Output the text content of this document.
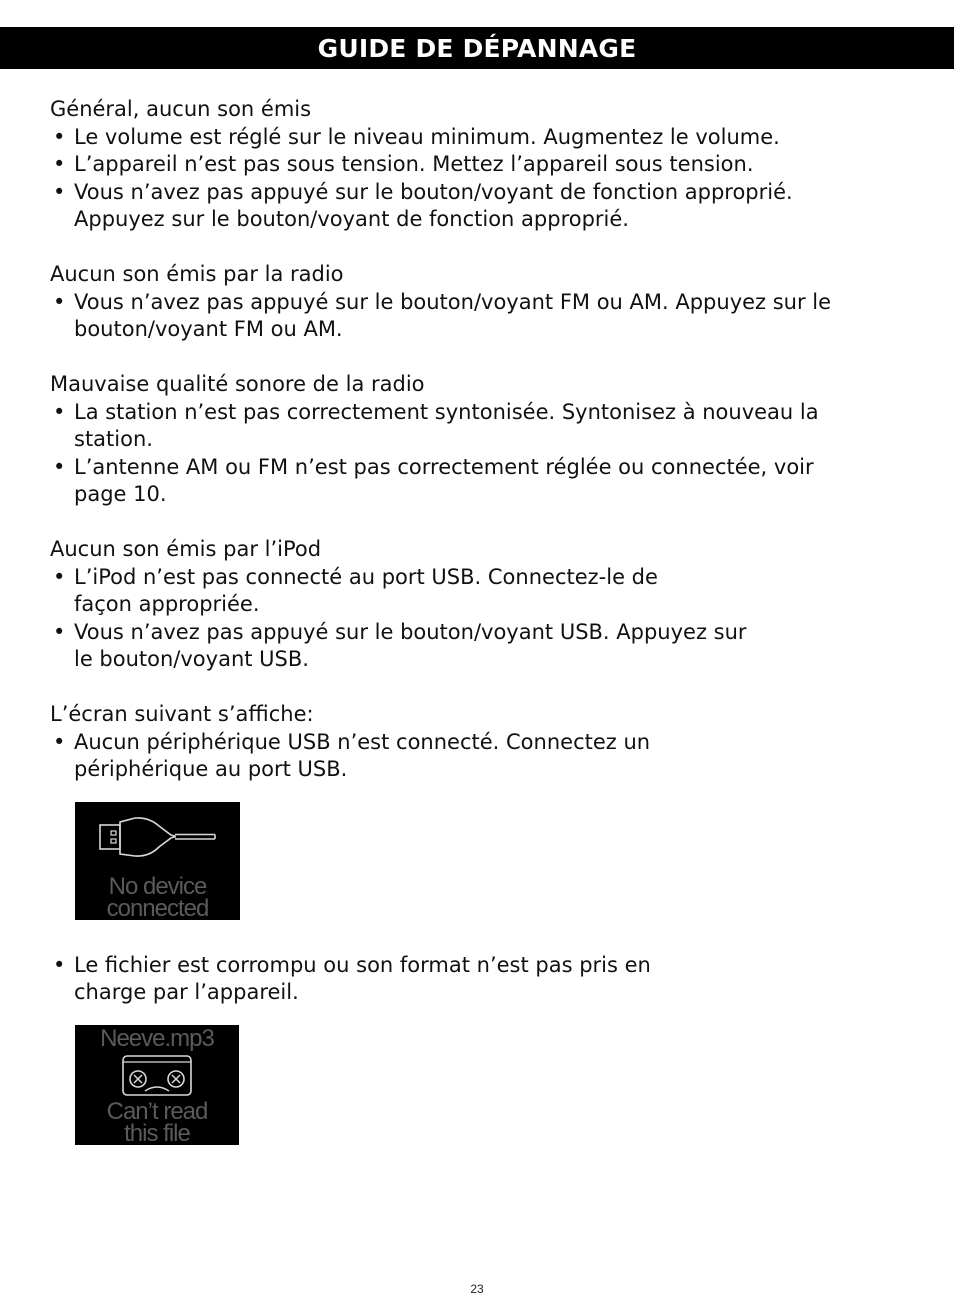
GUIDE DE DÉPANNAGE

Général, aucun son émis

• Le volume est réglé sur le niveau minimum. Augmentez le volume.
• L’appareil n’est pas sous tension. Mettez l’appareil sous tension.
• Vous n’avez pas appuyé sur le bouton/voyant de fonction approprié. Appuyez sur le bouton/voyant de fonction approprié.

Aucun son émis par la radio

• Vous n’avez pas appuyé sur le bouton/voyant FM ou AM. Appuyez sur le bouton/voyant FM ou AM.

Mauvaise qualité sonore de la radio

• La station n’est pas correctement syntonisée. Syntonisez à nouveau la station.
• L’antenne AM ou FM n’est pas correctement réglée ou connectée, voir page 10.

Aucun son émis par l’iPod

• L’iPod n’est pas connecté au port USB. Connectez-le de façon appropriée.
• Vous n’avez pas appuyé sur le bouton/voyant USB. Appuyez sur le bouton/voyant USB.

L’écran suivant s’affiche:

• Aucun périphérique USB n’est connecté. Connectez un périphérique au port USB.
No device
connected
• Le fichier est corrompu ou son format n’est pas pris en charge par l’appareil.
Neeve.mp3
Can’t read
this file
23
